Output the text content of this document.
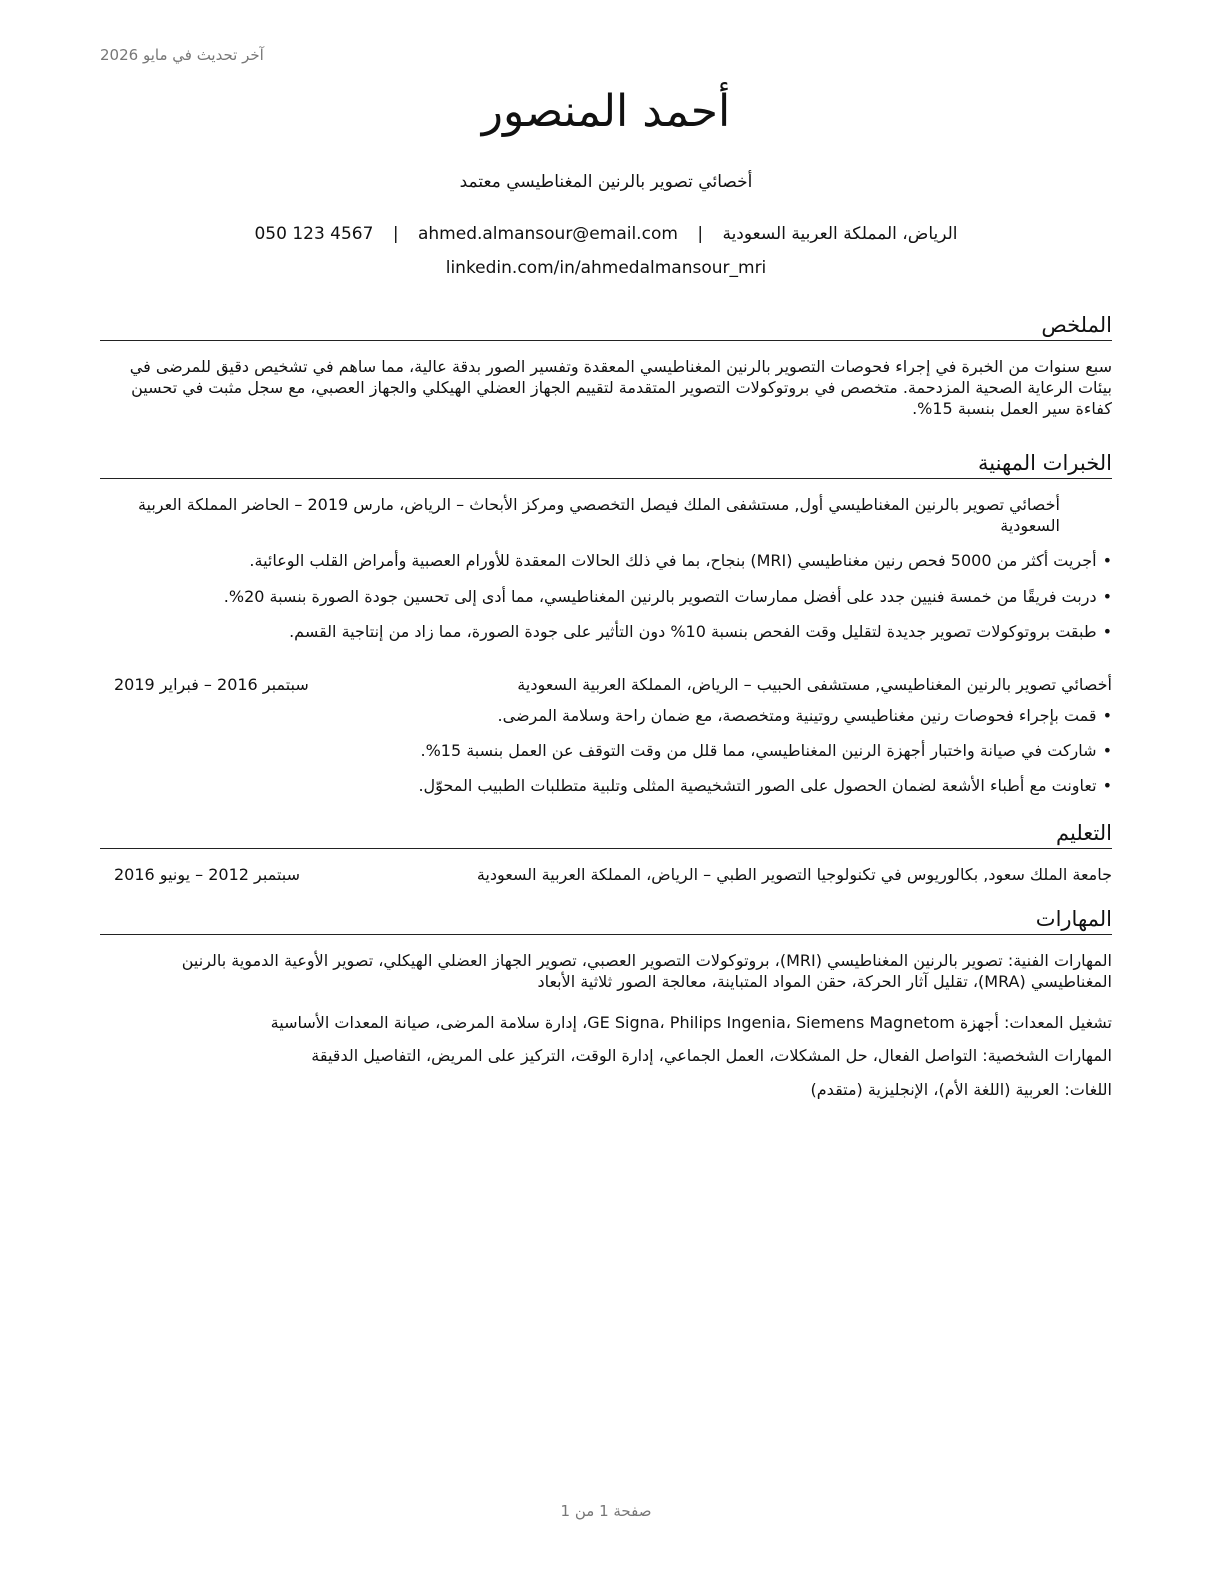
آخر تحديث في مايو 2026
أحمد المنصور
أخصائي تصوير بالرنين المغناطيسي معتمد
الرياض، المملكة العربية السعودية | ahmed.almansour@email.com | 050 123 4567
linkedin.com/in/ahmedalmansour_mri
الملخص
سبع سنوات من الخبرة في إجراء فحوصات التصوير بالرنين المغناطيسي المعقدة وتفسير الصور بدقة عالية، مما ساهم في تشخيص دقيق للمرضى في بيئات الرعاية الصحية المزدحمة. متخصص في بروتوكولات التصوير المتقدمة لتقييم الجهاز العضلي الهيكلي والجهاز العصبي، مع سجل مثبت في تحسين كفاءة سير العمل بنسبة 15%.
الخبرات المهنية
أخصائي تصوير بالرنين المغناطيسي أول, مستشفى الملك فيصل التخصصي ومركز الأبحاث – الرياض، مارس 2019 – الحاضر المملكة العربية السعودية
•أجريت أكثر من 5000 فحص رنين مغناطيسي (MRI) بنجاح، بما في ذلك الحالات المعقدة للأورام العصبية وأمراض القلب الوعائية.
•دربت فريقًا من خمسة فنيين جدد على أفضل ممارسات التصوير بالرنين المغناطيسي، مما أدى إلى تحسين جودة الصورة بنسبة 20%.
•طبقت بروتوكولات تصوير جديدة لتقليل وقت الفحص بنسبة 10% دون التأثير على جودة الصورة، مما زاد من إنتاجية القسم.
أخصائي تصوير بالرنين المغناطيسي, مستشفى الحبيب – الرياض، المملكة العربية السعودية
سبتمبر 2016 – فبراير 2019
•قمت بإجراء فحوصات رنين مغناطيسي روتينية ومتخصصة، مع ضمان راحة وسلامة المرضى.
•شاركت في صيانة واختبار أجهزة الرنين المغناطيسي، مما قلل من وقت التوقف عن العمل بنسبة 15%.
•تعاونت مع أطباء الأشعة لضمان الحصول على الصور التشخيصية المثلى وتلبية متطلبات الطبيب المحوّل.
التعليم
جامعة الملك سعود, بكالوريوس في تكنولوجيا التصوير الطبي – الرياض، المملكة العربية السعودية
سبتمبر 2012 – يونيو 2016
المهارات
المهارات الفنية: تصوير بالرنين المغناطيسي (MRI)، بروتوكولات التصوير العصبي، تصوير الجهاز العضلي الهيكلي، تصوير الأوعية الدموية بالرنين المغناطيسي (MRA)، تقليل آثار الحركة، حقن المواد المتباينة، معالجة الصور ثلاثية الأبعاد
تشغيل المعدات: أجهزة GE Signa، Philips Ingenia، Siemens Magnetom، إدارة سلامة المرضى، صيانة المعدات الأساسية
المهارات الشخصية: التواصل الفعال، حل المشكلات، العمل الجماعي، إدارة الوقت، التركيز على المريض، التفاصيل الدقيقة
اللغات: العربية (اللغة الأم)، الإنجليزية (متقدم)
صفحة 1 من 1
